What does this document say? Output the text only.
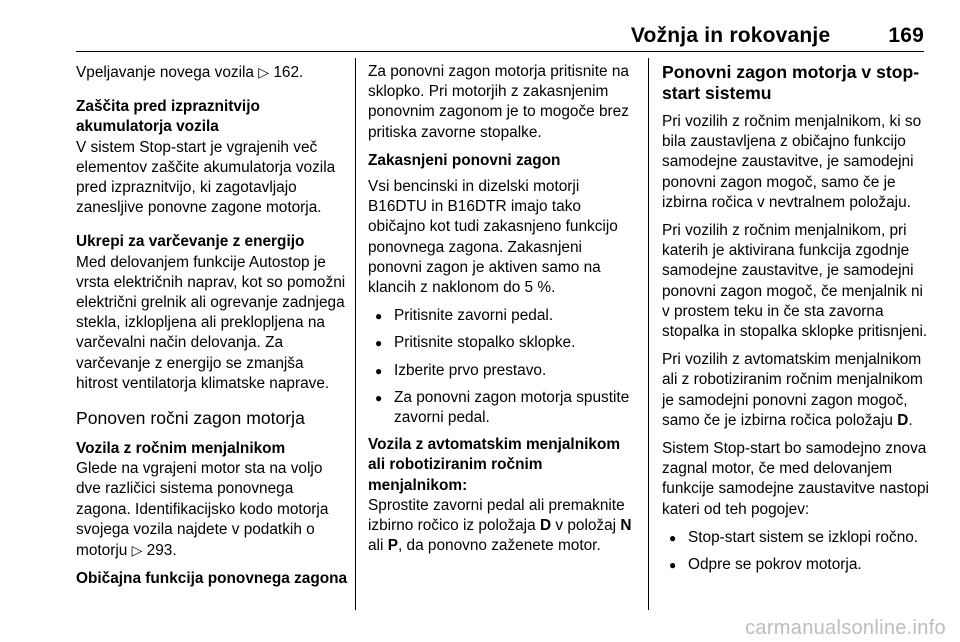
Vožnja in rokovanje	169

Vpeljavanje novega vozila ▷ 162.

Zaščita pred izpraznitvijo akumulatorja vozila

V sistem Stop-start je vgrajenih več elementov zaščite akumulatorja vozila pred izpraznitvijo, ki zagotavljajo zanesljive ponovne zagone motorja.

Ukrepi za varčevanje z energijo

Med delovanjem funkcije Autostop je vrsta električnih naprav, kot so pomožni električni grelnik ali ogrevanje zadnjega stekla, izklopljena ali preklopljena na varčevalni način delovanja. Za varčevanje z energijo se zmanjša hitrost ventilatorja klimatske naprave.

Ponoven ročni zagon motorja

Vozila z ročnim menjalnikom

Glede na vgrajeni motor sta na voljo dve različici sistema ponovnega zagona. Identifikacijsko kodo motorja svojega vozila najdete v podatkih o motorju ▷ 293.

Običajna funkcija ponovnega zagona

Za ponovni zagon motorja pritisnite na sklopko. Pri motorjih z zakasnjenim ponovnim zagonom je to mogoče brez pritiska zavorne stopalke.

Zakasnjeni ponovni zagon

Vsi bencinski in dizelski motorji B16DTU in B16DTR imajo tako običajno kot tudi zakasnjeno funkcijo ponovnega zagona. Zakasnjeni ponovni zagon je aktiven samo na klancih z naklonom do 5 %.

● Pritisnite zavorni pedal.
● Pritisnite stopalko sklopke.
● Izberite prvo prestavo.
● Za ponovni zagon motorja spustite zavorni pedal.

Vozila z avtomatskim menjalnikom ali robotiziranim ročnim menjalnikom:

Sprostite zavorni pedal ali premaknite izbirno ročico iz položaja D v položaj N ali P, da ponovno zaženete motor.

Ponovni zagon motorja v stop-start sistemu

Pri vozilih z ročnim menjalnikom, ki so bila zaustavljena z običajno funkcijo samodejne zaustavitve, je samodejni ponovni zagon mogoč, samo če je izbirna ročica v nevtralnem položaju.

Pri vozilih z ročnim menjalnikom, pri katerih je aktivirana funkcija zgodnje samodejne zaustavitve, je samodejni ponovni zagon mogoč, če menjalnik ni v prostem teku in če sta zavorna stopalka in stopalka sklopke pritisnjeni.

Pri vozilih z avtomatskim menjalnikom ali z robotiziranim ročnim menjalnikom je samodejni ponovni zagon mogoč, samo če je izbirna ročica položaju D.

Sistem Stop-start bo samodejno znova zagnal motor, če med delovanjem funkcije samodejne zaustavitve nastopi kateri od teh pogojev:

● Stop-start sistem se izklopi ročno.
● Odpre se pokrov motorja.
carmanualsonline.info
